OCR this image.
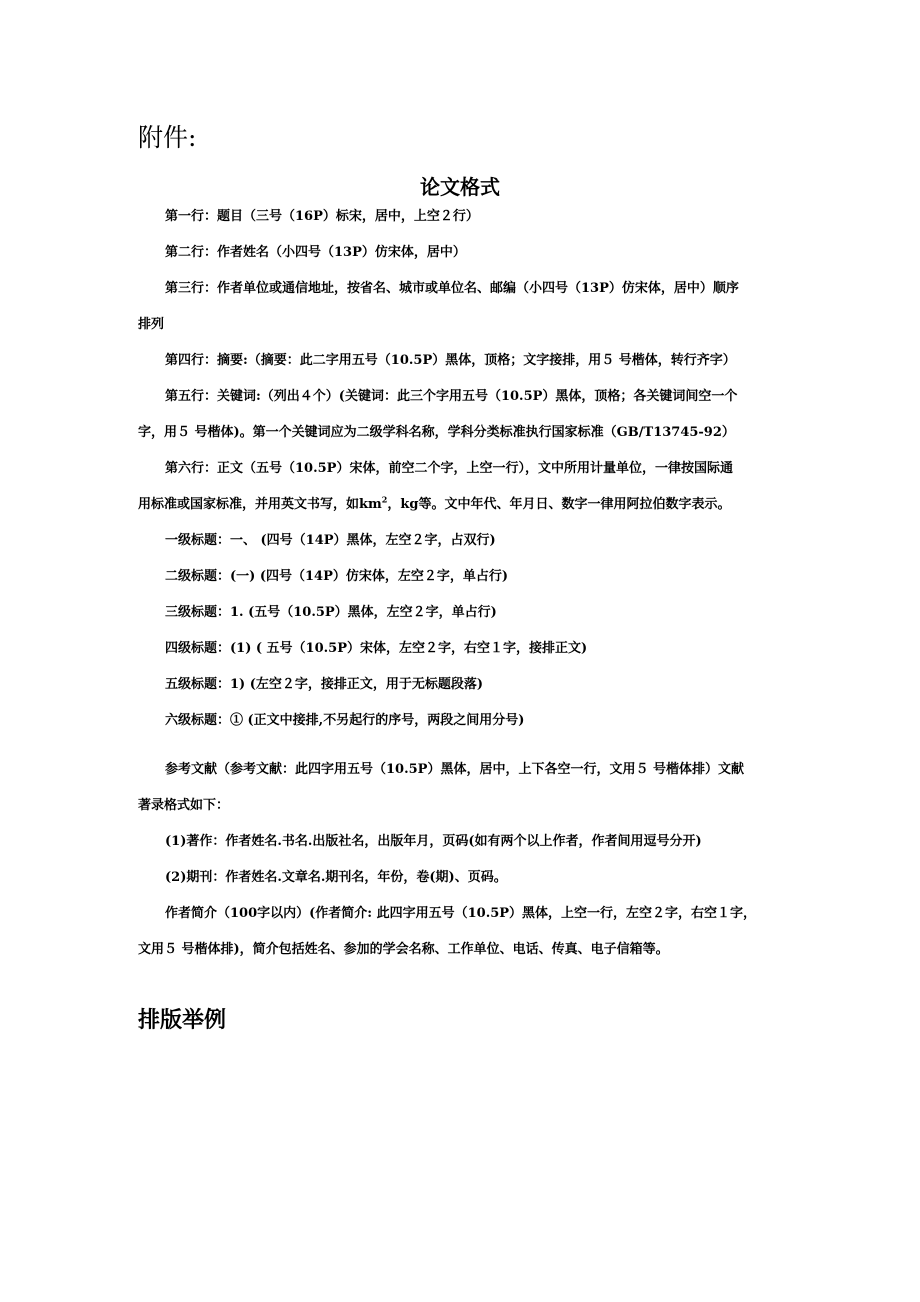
附件:
论文格式
第一行：题目（三号（16P）标宋，居中，上空２行）
第二行：作者姓名（小四号（13P）仿宋体，居中）
第三行：作者单位或通信地址，按省名、城市或单位名、邮编（小四号（13P）仿宋体，居中）顺序
排列
第四行：摘要:（摘要：此二字用五号（10.5P）黑体，顶格；文字接排，用５ 号楷体，转行齐字）
第五行：关键词:（列出４个）(关键词：此三个字用五号（10.5P）黑体，顶格；各关键词间空一个
字，用５ 号楷体)。第一个关键词应为二级学科名称，学科分类标准执行国家标准（GB/T13745-92）
第六行：正文（五号（10.5P）宋体，前空二个字，上空一行），文中所用计量单位，一律按国际通
用标准或国家标准，并用英文书写，如$km^2$，kg等。文中年代、年月日、数字一律用阿拉伯数字表示。
一级标题：一、 (四号（14P）黑体，左空２字，占双行)
二级标题：(一) (四号（14P）仿宋体，左空２字，单占行)
三级标题：1. (五号（10.5P）黑体，左空２字，单占行)
四级标题：(1) ( 五号（10.5P）宋体，左空２字，右空１字，接排正文)
五级标题：1) (左空２字，接排正文，用于无标题段落)
六级标题：① (正文中接排,不另起行的序号，两段之间用分号)
参考文献（参考文献：此四字用五号（10.5P）黑体，居中，上下各空一行，文用５ 号楷体排）文献
著录格式如下：
(1)著作：作者姓名.书名.出版社名，出版年月，页码(如有两个以上作者，作者间用逗号分开)
(2)期刊：作者姓名.文章名.期刊名，年份，卷(期)、页码。
作者简介（100字以内）(作者简介: 此四字用五号（10.5P）黑体，上空一行，左空２字，右空１字，
文用５ 号楷体排)，简介包括姓名、参加的学会名称、工作单位、电话、传真、电子信箱等。
排版举例
